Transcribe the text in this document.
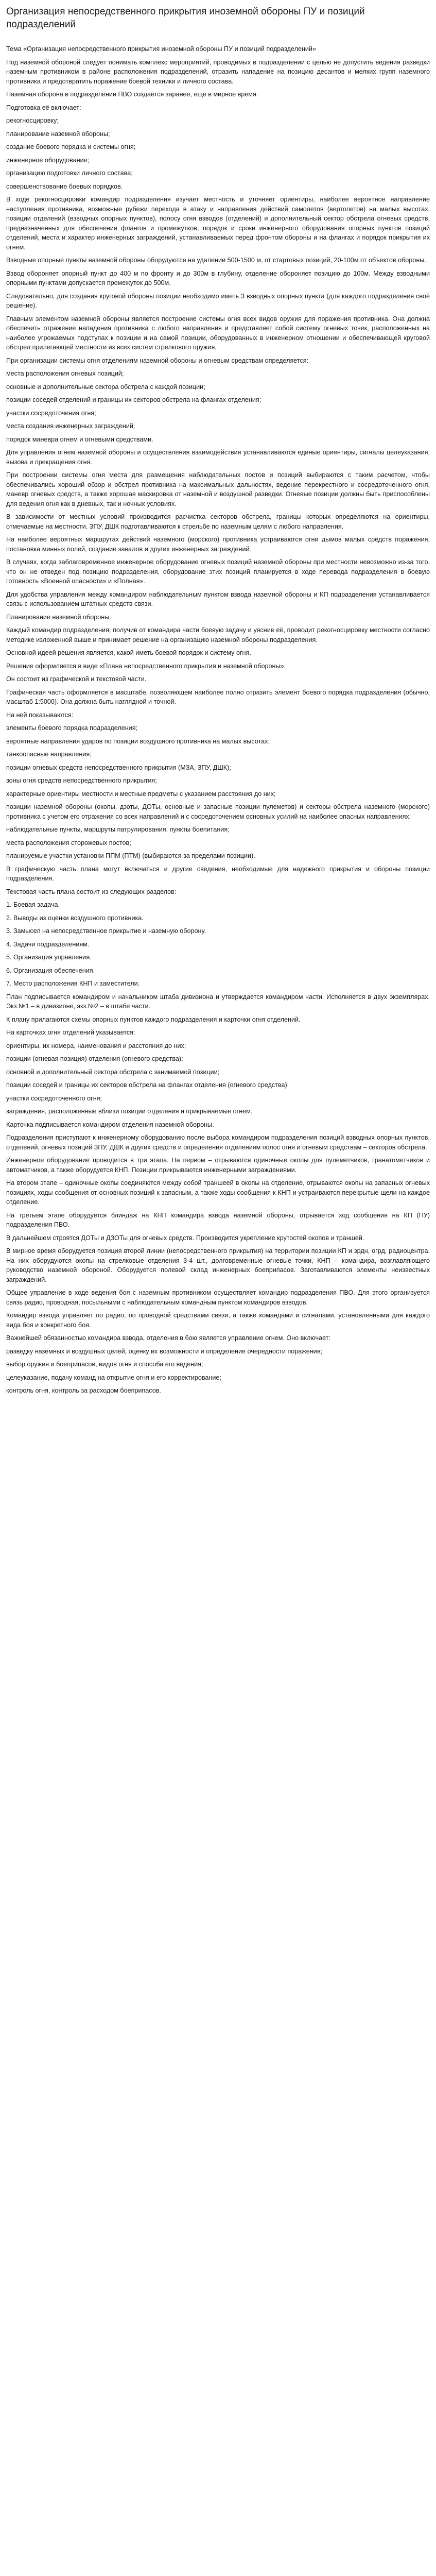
Организация непосредственного прикрытия иноземной обороны ПУ и позиций подразделений

Тема «Организация непосредственного прикрытия иноземной обороны ПУ и позиций подразделений»

Под наземной обороной следует понимать комплекс мероприятий, проводимых в подразделении с целью не допустить ведения разведки наземным противником в районе расположения подразделений, отразить нападение на позицию десантов и мелких групп наземного противника и предотвратить поражение боевой техники и личного состава.

Наземная оборона в подразделении ПВО создается заранее, еще в мирное время.

Подготовка её включает:

рекогносцировку;

планирование наземной обороны;

создание боевого порядка и системы огня;

инженерное оборудование;

организацию подготовки личного состава;

совершенствование боевых порядков.

В ходе рекогносцировки командир подразделения изучает местность и уточняет ориентиры, наиболее вероятное направление наступления противника, возможные рубежи перехода в атаку и направления действий самолетов (вертолетов) на малых высотах, позиции отделений (взводных опорных пунктов), полосу огня взводов (отделений) и дополнительный сектор обстрела огневых средств, предназначенных для обеспечения флангов и промежутков, порядок и сроки инженерного оборудования опорных пунктов позиций отделений, места и характер инженерных заграждений, устанавливаемых перед фронтом обороны и на флангах и порядок прикрытия их огнем.

Взводные опорные пункты наземной обороны оборудуются на удалении 500-1500 м, от стартовых позиций, 20-100м от объектов обороны.

Взвод обороняет опорный пункт до 400 м по фронту и до 300м в глубину, отделение обороняет позицию до 100м. Между взводными опорными пунктами допускается промежуток до 500м.

Следовательно, для создания круговой обороны позиции необходимо иметь 3 взводных опорных пункта (для каждого подразделения своё решение).

Главным элементом наземной обороны является построение системы огня всех видов оружия для поражения противника. Она должна обеспечить отражение нападения противника с любого направления и представляет собой систему огневых точек, расположенных на наиболее угрожаемых подступах к позиции и на самой позиции, оборудованных в инженерном отношении и обеспечивающей круговой обстрел прилегающей местности из всех систем стрелкового оружия.

При организации системы огня отделениям наземной обороны и огневым средствам определяется:

места расположения огневых позиций;

основные и дополнительные сектора обстрела с каждой позиции;

позиции соседей отделений и границы их секторов обстрела на флангах отделения;

участки сосредоточения огня;

места создания инженерных заграждений;

порядок маневра огнем и огневыми средствами.

Для управления огнем наземной обороны и осуществления взаимодействия устанавливаются единые ориентиры, сигналы целеуказания, вызова и прекращения огня.

При построении системы огня места для размещения наблюдательных постов и позиций выбираются с таким расчетом, чтобы обеспечивались хороший обзор и обстрел противника на максимальных дальностях, ведение перекрестного и сосредоточенного огня, маневр огневых средств, а также хорошая маскировка от наземной и воздушной разведки. Огневые позиции должны быть приспособлены для ведения огня как в дневных, так и ночных условиях.

В зависимости от местных условий производится расчистка секторов обстрела, границы которых определяются на ориентиры, отмечаемые на местности. ЗПУ, ДШК подготавливаются к стрельбе по наземным целям с любого направления.

На наиболее вероятных маршрутах действий наземного (морского) противника устраиваются огни дымов малых средств поражения, постановка минных полей, создание завалов и других инженерных заграждений.

В случаях, когда заблаговременное инженерное оборудование огневых позиций наземной обороны при местности невозможно из-за того, что он не отведен под позицию подразделения, оборудование этих позиций планируется в ходе перевода подразделения в боевую готовность «Военной опасности» и «Полная».

Для удобства управления между командиром наблюдательным пунктом взвода наземной обороны и КП подразделения устанавливается связь с использованием штатных средств связи.

Планирование наземной обороны.

Каждый командир подразделения, получив от командира части боевую задачу и уяснив её, проводит рекогносцировку местности согласно методике изложенной выше и принимает решение на организацию наземной обороны подразделения.

Основной идеей решения является, какой иметь боевой порядок и систему огня.

Решение оформляется в виде «Плана непосредственного прикрытия и наземной обороны».

Он состоит из графической и текстовой части.

Графическая часть оформляется в масштабе, позволяющем наиболее полно отразить элемент боевого порядка подразделения (обычно, масштаб 1:5000). Она должна быть наглядной и точной.

На ней показываются:

элементы боевого порядка подразделения;

вероятные направления ударов по позиции воздушного противника на малых высотах;

танкоопасные направления;

позиции огневых средств непосредственного прикрытия (МЗА, ЗПУ, ДШК);

зоны огня средств непосредственного прикрытия;

характерные ориентиры местности и местные предметы с указанием расстояния до них;

позиции наземной обороны (окопы, дзоты, ДОТы, основные и запасные позиции пулеметов) и секторы обстрела наземного (морского) противника с учетом его отражения со всех направлений и с сосредоточением основных усилий на наиболее опасных направлениях;

наблюдательные пункты, маршруты патрулирования, пункты боепитания;

места расположения сторожевых постов;

планируемые участки установки ППМ (ПТМ) (выбираются за пределами позиции).

В графическую часть плана могут включаться и другие сведения, необходимые для надежного прикрытия и обороны позиции подразделения.

Текстовая часть плана состоит из следующих разделов:

1. Боевая задача.

2. Выводы из оценки воздушного противника.

3. Замысел на непосредственное прикрытие и наземную оборону.

4. Задачи подразделениям.

5. Организация управления.

6. Организация обеспечения.

7. Место расположения КНП и заместители.

План подписывается командиром и начальником штаба дивизиона и утверждается командиром части. Исполняется в двух экземплярах. Экз.№1 – в дивизионе, экз.№2 – в штабе части.

К плану прилагаются схемы опорных пунктов каждого подразделения и карточки огня отделений.

На карточках огня отделений указывается:

ориентиры, их номера, наименования и расстояния до них;

позиции (огневая позиция) отделения (огневого средства);

основной и дополнительный сектора обстрела с занимаемой позиции;

позиции соседей и границы их секторов обстрела на флангах отделения (огневого средства);

участки сосредоточенного огня;

заграждения, расположенные вблизи позиции отделения и прикрываемые огнем.

Карточка подписывается командиром отделения наземной обороны.

Подразделения приступают к инженерному оборудованию после выбора командиром подразделения позиций взводных опорных пунктов, отделений, огневых позиций ЗПУ, ДШК и других средств и определения отделениям полос огня и огневым средствам – секторов обстрела.

Инженерное оборудование проводится в три этапа. На первом – отрываются одиночные окопы для пулеметчиков, гранатометчиков и автоматчиков, а также оборудуется КНП. Позиции прикрываются инженерными заграждениями.

На втором этапе – одиночные окопы соединяются между собой траншеей в окопы на отделение, отрываются окопы на запасных огневых позициях, ходы сообщения от основных позиций к запасным, а также ходы сообщения к КНП и устраиваются перекрытые щели на каждое отделение.

На третьем этапе оборудуется блиндаж на КНП командира взвода наземной обороны, отрывается ход сообщения на КП (ПУ) подразделения ПВО.

В дальнейшем строятся ДОТы и ДЗОТы для огневых средств. Производится укрепление крутостей окопов и траншей.

В мирное время оборудуется позиция второй линии (непосредственного прикрытия) на территории позиции КП и зрдн, огрд, радиоцентра. На них оборудуются окопы на стрелковые отделения 3-4 шт., долговременные огневые точки, КНП – командира, возглавляющего руководство наземной обороной. Оборудуется полевой склад инженерных боеприпасов. Заготавливаются элементы неизвестных заграждений.

Общее управление в ходе ведения боя с наземным противником осуществляет командир подразделения ПВО. Для этого организуется связь радио, проводная, посыльными с наблюдательным командным пунктом командиров взводов.

Командир взвода управляет по радио, по проводной средствами связи, а также командами и сигналами, установленными для каждого вида боя и конкретного боя.

Важнейшей обязанностью командира взвода, отделения в бою является управление огнем. Оно включает:

разведку наземных и воздушных целей, оценку их возможности и определение очередности поражения;

выбор оружия и боеприпасов, видов огня и способа его ведения;

целеуказание, подачу команд на открытие огня и его корректирование;

контроль огня, контроль за расходом боеприпасов.
